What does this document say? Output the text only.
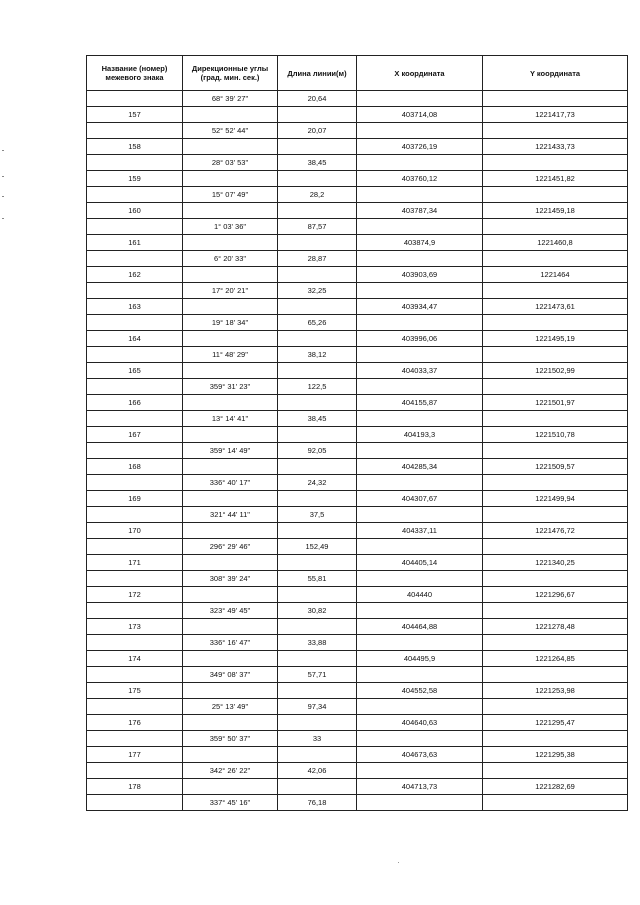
Название (номер) межевого знака	Дирекционные углы (град. мин. сек.)	Длина линии(м)	X координата	Y координата
	68° 39' 27"	20,64		
157			403714,08	1221417,73
	52° 52' 44"	20,07		
158			403726,19	1221433,73
	28° 03' 53"	38,45		
159			403760,12	1221451,82
	15° 07' 49"	28,2		
160			403787,34	1221459,18
	1° 03' 36"	87,57		
161			403874,9	1221460,8
	6° 20' 33"	28,87		
162			403903,69	1221464
	17° 20' 21"	32,25		
163			403934,47	1221473,61
	19° 18' 34"	65,26		
164			403996,06	1221495,19
	11° 48' 29"	38,12		
165			404033,37	1221502,99
	359° 31' 23"	122,5		
166			404155,87	1221501,97
	13° 14' 41"	38,45		
167			404193,3	1221510,78
	359° 14' 49"	92,05		
168			404285,34	1221509,57
	336° 40' 17"	24,32		
169			404307,67	1221499,94
	321° 44' 11"	37,5		
170			404337,11	1221476,72
	296° 29' 46"	152,49		
171			404405,14	1221340,25
	308° 39' 24"	55,81		
172			404440	1221296,67
	323° 49' 45"	30,82		
173			404464,88	1221278,48
	336° 16' 47"	33,88		
174			404495,9	1221264,85
	349° 08' 37"	57,71		
175			404552,58	1221253,98
	25° 13' 49"	97,34		
176			404640,63	1221295,47
	359° 50' 37"	33		
177			404673,63	1221295,38
	342° 26' 22"	42,06		
178			404713,73	1221282,69
	337° 45' 16"	76,18		
